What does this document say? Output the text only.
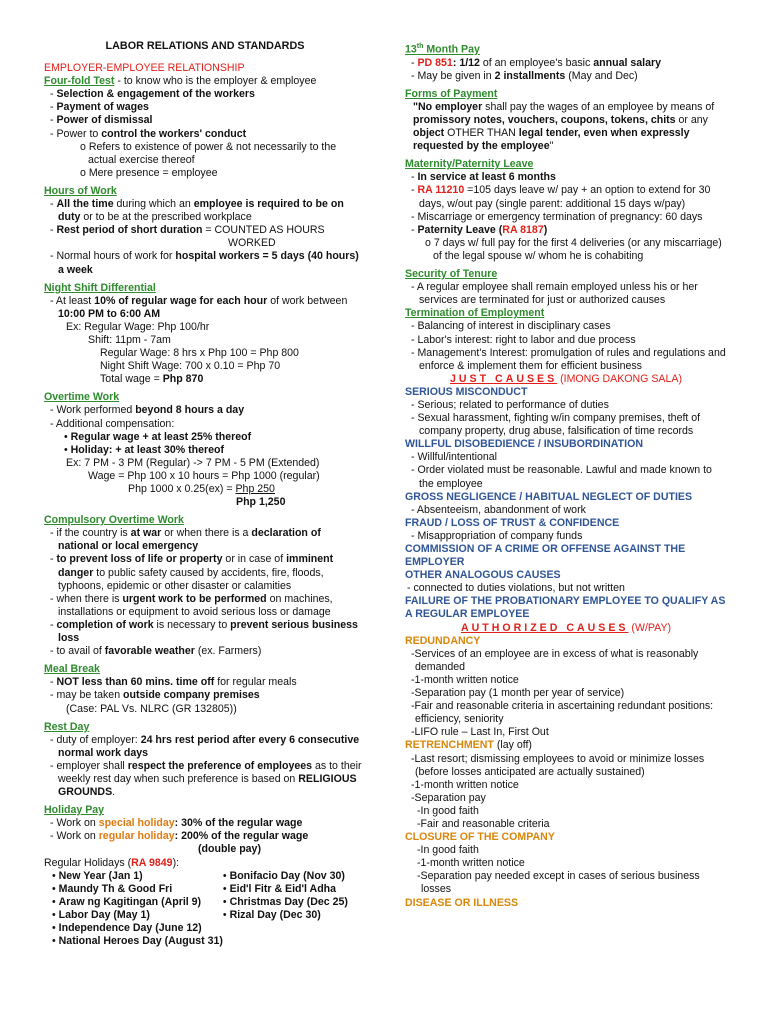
LABOR RELATIONS AND STANDARDS
EMPLOYER-EMPLOYEE RELATIONSHIP
Four-fold Test - to know who is the employer & employee
- Selection & engagement of the workers
- Payment of wages
- Power of dismissal
- Power to control the workers' conduct
o Refers to existence of power & not necessarily to the actual exercise thereof
o Mere presence = employee
Hours of Work
- All the time during which an employee is required to be on duty or to be at the prescribed workplace
- Rest period of short duration = COUNTED AS HOURS
WORKED
- Normal hours of work for hospital workers = 5 days (40 hours) a week
Night Shift Differential
- At least 10% of regular wage for each hour of work between 10:00 PM to 6:00 AM
Ex: Regular Wage: Php 100/hr
Shift: 11pm - 7am
Regular Wage: 8 hrs x Php 100 = Php 800
Night Shift Wage: 700 x 0.10 = Php 70
Total wage = Php 870
Overtime Work
- Work performed beyond 8 hours a day
- Additional compensation:
• Regular wage + at least 25% thereof
• Holiday: + at least 30% thereof
Ex: 7 PM - 3 PM (Regular) -> 7 PM - 5 PM (Extended)
Wage = Php 100 x 10 hours = Php 1000 (regular)
Php 1000 x 0.25(ex) = Php 250
Php 1,250
Compulsory Overtime Work
- if the country is at war or when there is a declaration of national or local emergency
- to prevent loss of life or property or in case of imminent danger to public safety caused by accidents, fire, floods, typhoons, epidemic or other disaster or calamities
- when there is urgent work to be performed on machines, installations or equipment to avoid serious loss or damage
- completion of work is necessary to prevent serious business loss
- to avail of favorable weather (ex. Farmers)
Meal Break
- NOT less than 60 mins. time off for regular meals
- may be taken outside company premises
(Case: PAL Vs. NLRC (GR 132805))
Rest Day
- duty of employer: 24 hrs rest period after every 6 consecutive normal work days
- employer shall respect the preference of employees as to their weekly rest day when such preference is based on RELIGIOUS GROUNDS.
Holiday Pay
- Work on special holiday: 30% of the regular wage
- Work on regular holiday: 200% of the regular wage
(double pay)
Regular Holidays (RA 9849):
• New Year (Jan 1)
• Maundy Th & Good Fri
• Araw ng Kagitingan (April 9)
• Labor Day (May 1)
• Independence Day (June 12)
• National Heroes Day (August 31)
• Bonifacio Day (Nov 30)
• Eid'l Fitr & Eid'l Adha
• Christmas Day (Dec 25)
• Rizal Day (Dec 30)
13th Month Pay
- PD 851: 1/12 of an employee's basic annual salary
- May be given in 2 installments (May and Dec)
Forms of Payment
"No employer shall pay the wages of an employee by means of promissory notes, vouchers, coupons, tokens, chits or any object OTHER THAN legal tender, even when expressly requested by the employee"
Maternity/Paternity Leave
- In service at least 6 months
- RA 11210 =105 days leave w/ pay + an option to extend for 30 days, w/out pay (single parent: additional 15 days w/pay)
- Miscarriage or emergency termination of pregnancy: 60 days
- Paternity Leave (RA 8187)
o 7 days w/ full pay for the first 4 deliveries (or any miscarriage) of the legal spouse w/ whom he is cohabiting
Security of Tenure
- A regular employee shall remain employed unless his or her services are terminated for just or authorized causes
Termination of Employment
- Balancing of interest in disciplinary cases
- Labor's interest: right to labor and due process
- Management's Interest: promulgation of rules and regulations and enforce & implement them for efficient business
JUST CAUSES (IMONG DAKONG SALA)
SERIOUS MISCONDUCT
- Serious; related to performance of duties
- Sexual harassment, fighting w/in company premises, theft of company property, drug abuse, falsification of time records
WILLFUL DISOBEDIENCE / INSUBORDINATION
- Willful/intentional
- Order violated must be reasonable. Lawful and made known to the employee
GROSS NEGLIGENCE / HABITUAL NEGLECT OF DUTIES
- Absenteeism, abandonment of work
FRAUD / LOSS OF TRUST & CONFIDENCE
- Misappropriation of company funds
COMMISSION OF A CRIME OR OFFENSE AGAINST THE EMPLOYER
OTHER ANALOGOUS CAUSES
- connected to duties violations, but not written
FAILURE OF THE PROBATIONARY EMPLOYEE TO QUALIFY AS A REGULAR EMPLOYEE
AUTHORIZED CAUSES (W/PAY)
REDUNDANCY
-Services of an employee are in excess of what is reasonably demanded
-1-month written notice
-Separation pay (1 month per year of service)
-Fair and reasonable criteria in ascertaining redundant positions: efficiency, seniority
-LIFO rule – Last In, First Out
RETRENCHMENT (lay off)
-Last resort; dismissing employees to avoid or minimize losses (before losses anticipated are actually sustained)
-1-month written notice
-Separation pay
-In good faith
-Fair and reasonable criteria
CLOSURE OF THE COMPANY
-In good faith
-1-month written notice
-Separation pay needed except in cases of serious business losses
DISEASE OR ILLNESS
